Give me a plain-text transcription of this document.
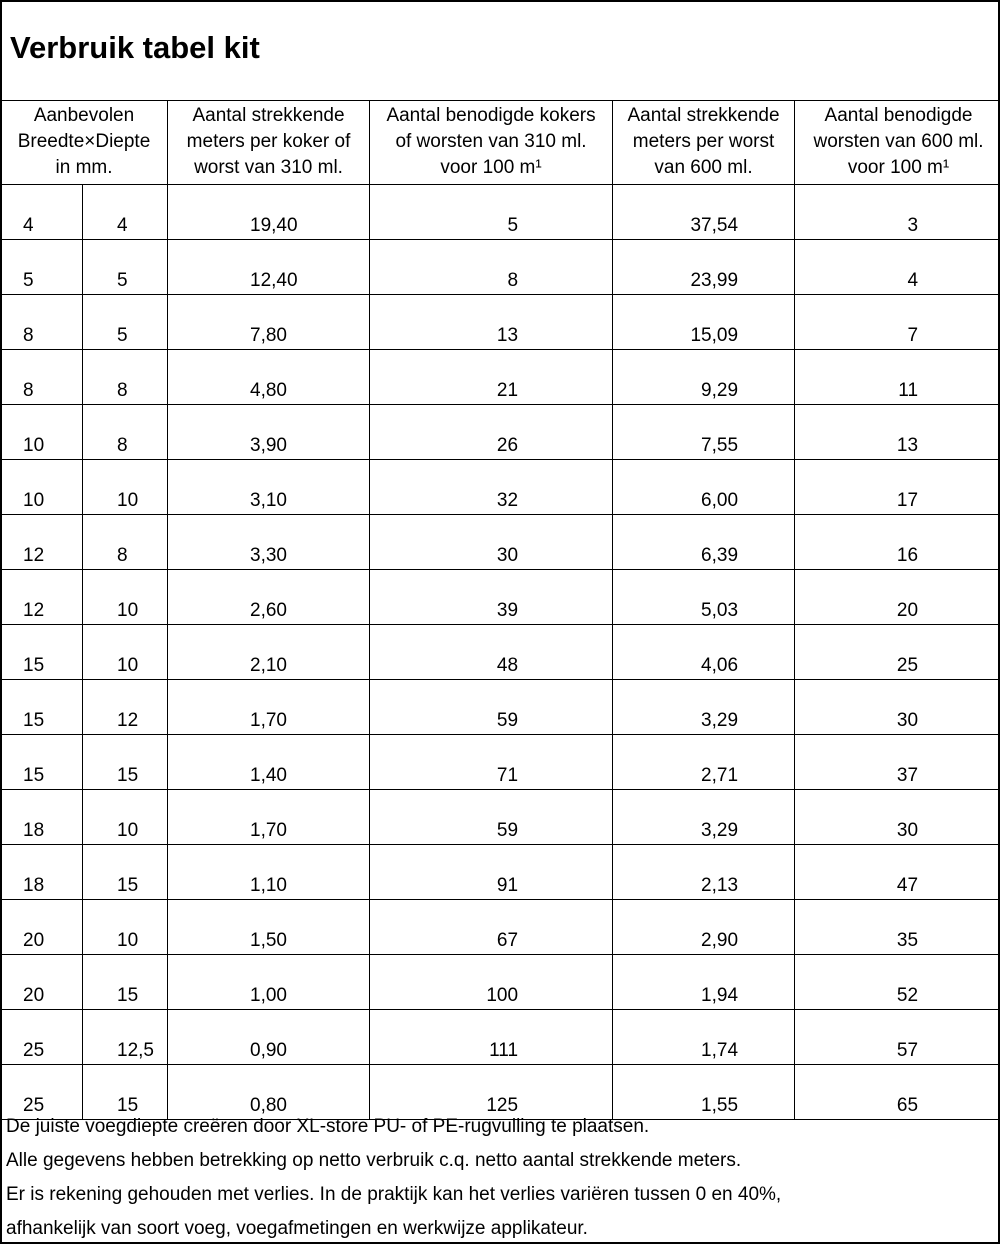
Verbruik tabel kit
Aanbevolen
Breedte×Diepte
in mm.		Aantal strekkende
meters per koker of
worst van 310 ml.	Aantal benodigde kokers
of worsten van 310 ml.
voor 100 m¹	Aantal strekkende
meters per worst
van 600 ml.	Aantal benodigde
worsten van 600 ml.
voor 100 m¹

4	4	19,40	5	37,54	3
5	5	12,40	8	23,99	4
8	5	7,80	13	15,09	7
8	8	4,80	21	9,29	11
10	8	3,90	26	7,55	13
10	10	3,10	32	6,00	17
12	8	3,30	30	6,39	16
12	10	2,60	39	5,03	20
15	10	2,10	48	4,06	25
15	12	1,70	59	3,29	30
15	15	1,40	71	2,71	37
18	10	1,70	59	3,29	30
18	15	1,10	91	2,13	47
20	10	1,50	67	2,90	35
20	15	1,00	100	1,94	52
25	12,5	0,90	111	1,74	57
25	15	0,80	125	1,55	65
De juiste voegdiepte creëren door XL-store PU- of PE-rugvulling te plaatsen.
Alle gegevens hebben betrekking op netto verbruik c.q. netto aantal strekkende meters.
Er is rekening gehouden met verlies. In de praktijk kan het verlies variëren tussen 0 en 40%,
afhankelijk van soort voeg, voegafmetingen en werkwijze applikateur.
